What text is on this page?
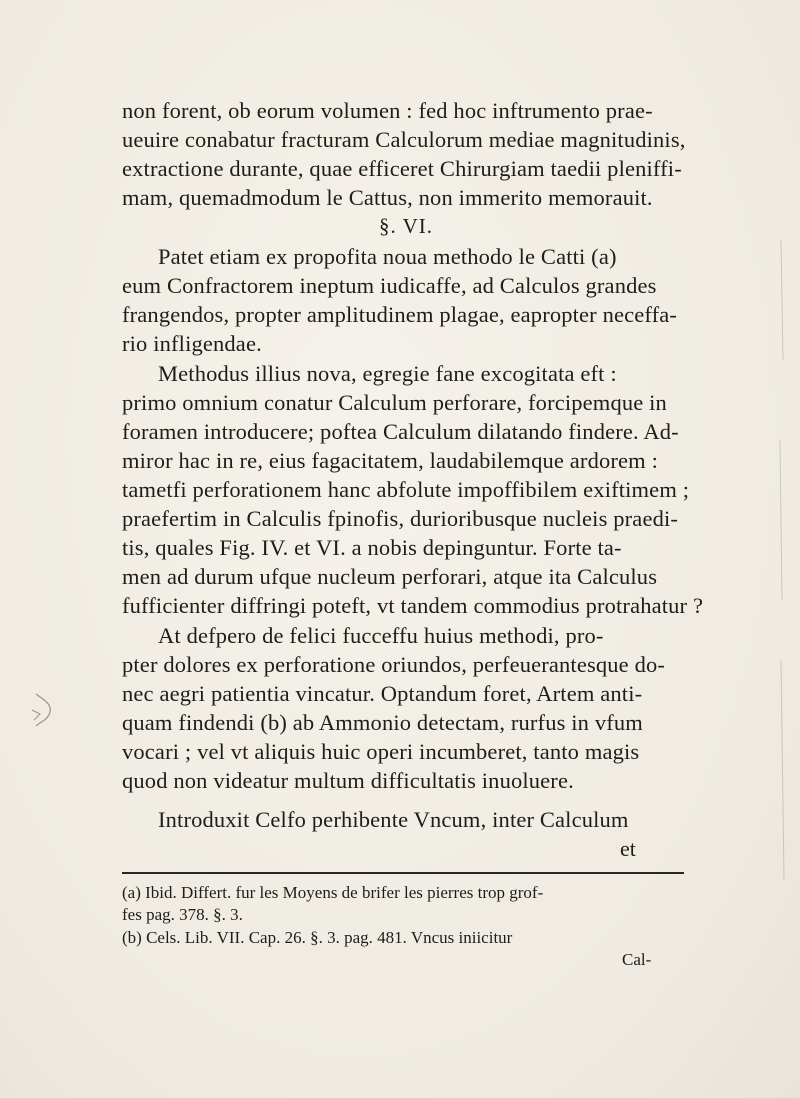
non forent, ob eorum volumen : fed hoc inftrumento prae-
ueuire conabatur fracturam Calculorum mediae magnitudinis,
extractione durante, quae efficeret Chirurgiam taedii pleniffi-
mam, quemadmodum le Cattus, non immerito memorauit.
§. VI.
Patet etiam ex propofita noua methodo le Catti (a)
eum Confractorem ineptum iudicaffe, ad Calculos grandes
frangendos, propter amplitudinem plagae, eapropter neceffa-
rio infligendae.
Methodus illius nova, egregie fane excogitata eft :
primo omnium conatur Calculum perforare, forcipemque in
foramen introducere; poftea Calculum dilatando findere. Ad-
miror hac in re, eius fagacitatem, laudabilemque ardorem :
tametfi perforationem hanc abfolute impoffibilem exiftimem ;
praefertim in Calculis fpinofis, durioribusque nucleis praedi-
tis, quales Fig. IV. et VI. a nobis depinguntur. Forte ta-
men ad durum ufque nucleum perforari, atque ita Calculus
fufficienter diffringi poteft, vt tandem commodius protrahatur ?
At defpero de felici fucceffu huius methodi, pro-
pter dolores ex perforatione oriundos, perfeuerantesque do-
nec aegri patientia vincatur. Optandum foret, Artem anti-
quam findendi (b) ab Ammonio detectam, rurfus in vfum
vocari ; vel vt aliquis huic operi incumberet, tanto magis
quod non videatur multum difficultatis inuoluere.
Introduxit Celfo perhibente Vncum, inter Calculum
et
(a) Ibid. Differt. fur les Moyens de brifer les pierres trop grof-
fes pag. 378. §. 3.
(b) Cels. Lib. VII. Cap. 26. §. 3. pag. 481. Vncus iniicitur
Cal-
